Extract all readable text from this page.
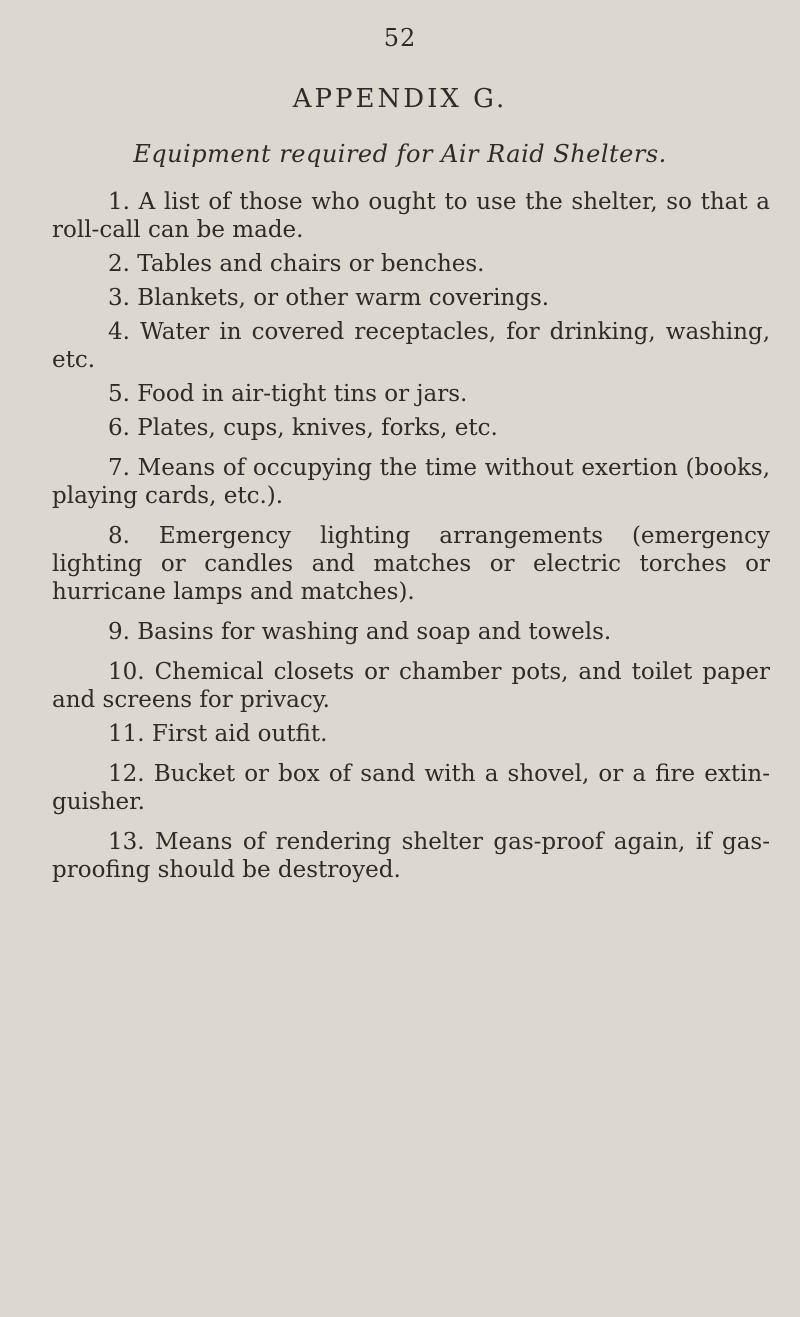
52
APPENDIX G.
Equipment required for Air Raid Shelters.
1. A list of those who ought to use the shelter, so that a roll-call can be made.
2. Tables and chairs or benches.
3. Blankets, or other warm coverings.
4. Water in covered receptacles, for drinking, washing, etc.
5. Food in air-tight tins or jars.
6. Plates, cups, knives, forks, etc.
7. Means of occupying the time without exertion (books, playing cards, etc.).
8. Emergency lighting arrangements (emergency lighting or candles and matches or electric torches or hurricane lamps and matches).
9. Basins for washing and soap and towels.
10. Chemical closets or chamber pots, and toilet paper and screens for privacy.
11. First aid outfit.
12. Bucket or box of sand with a shovel, or a fire extin-guisher.
13. Means of rendering shelter gas-proof again, if gas-proofing should be destroyed.
